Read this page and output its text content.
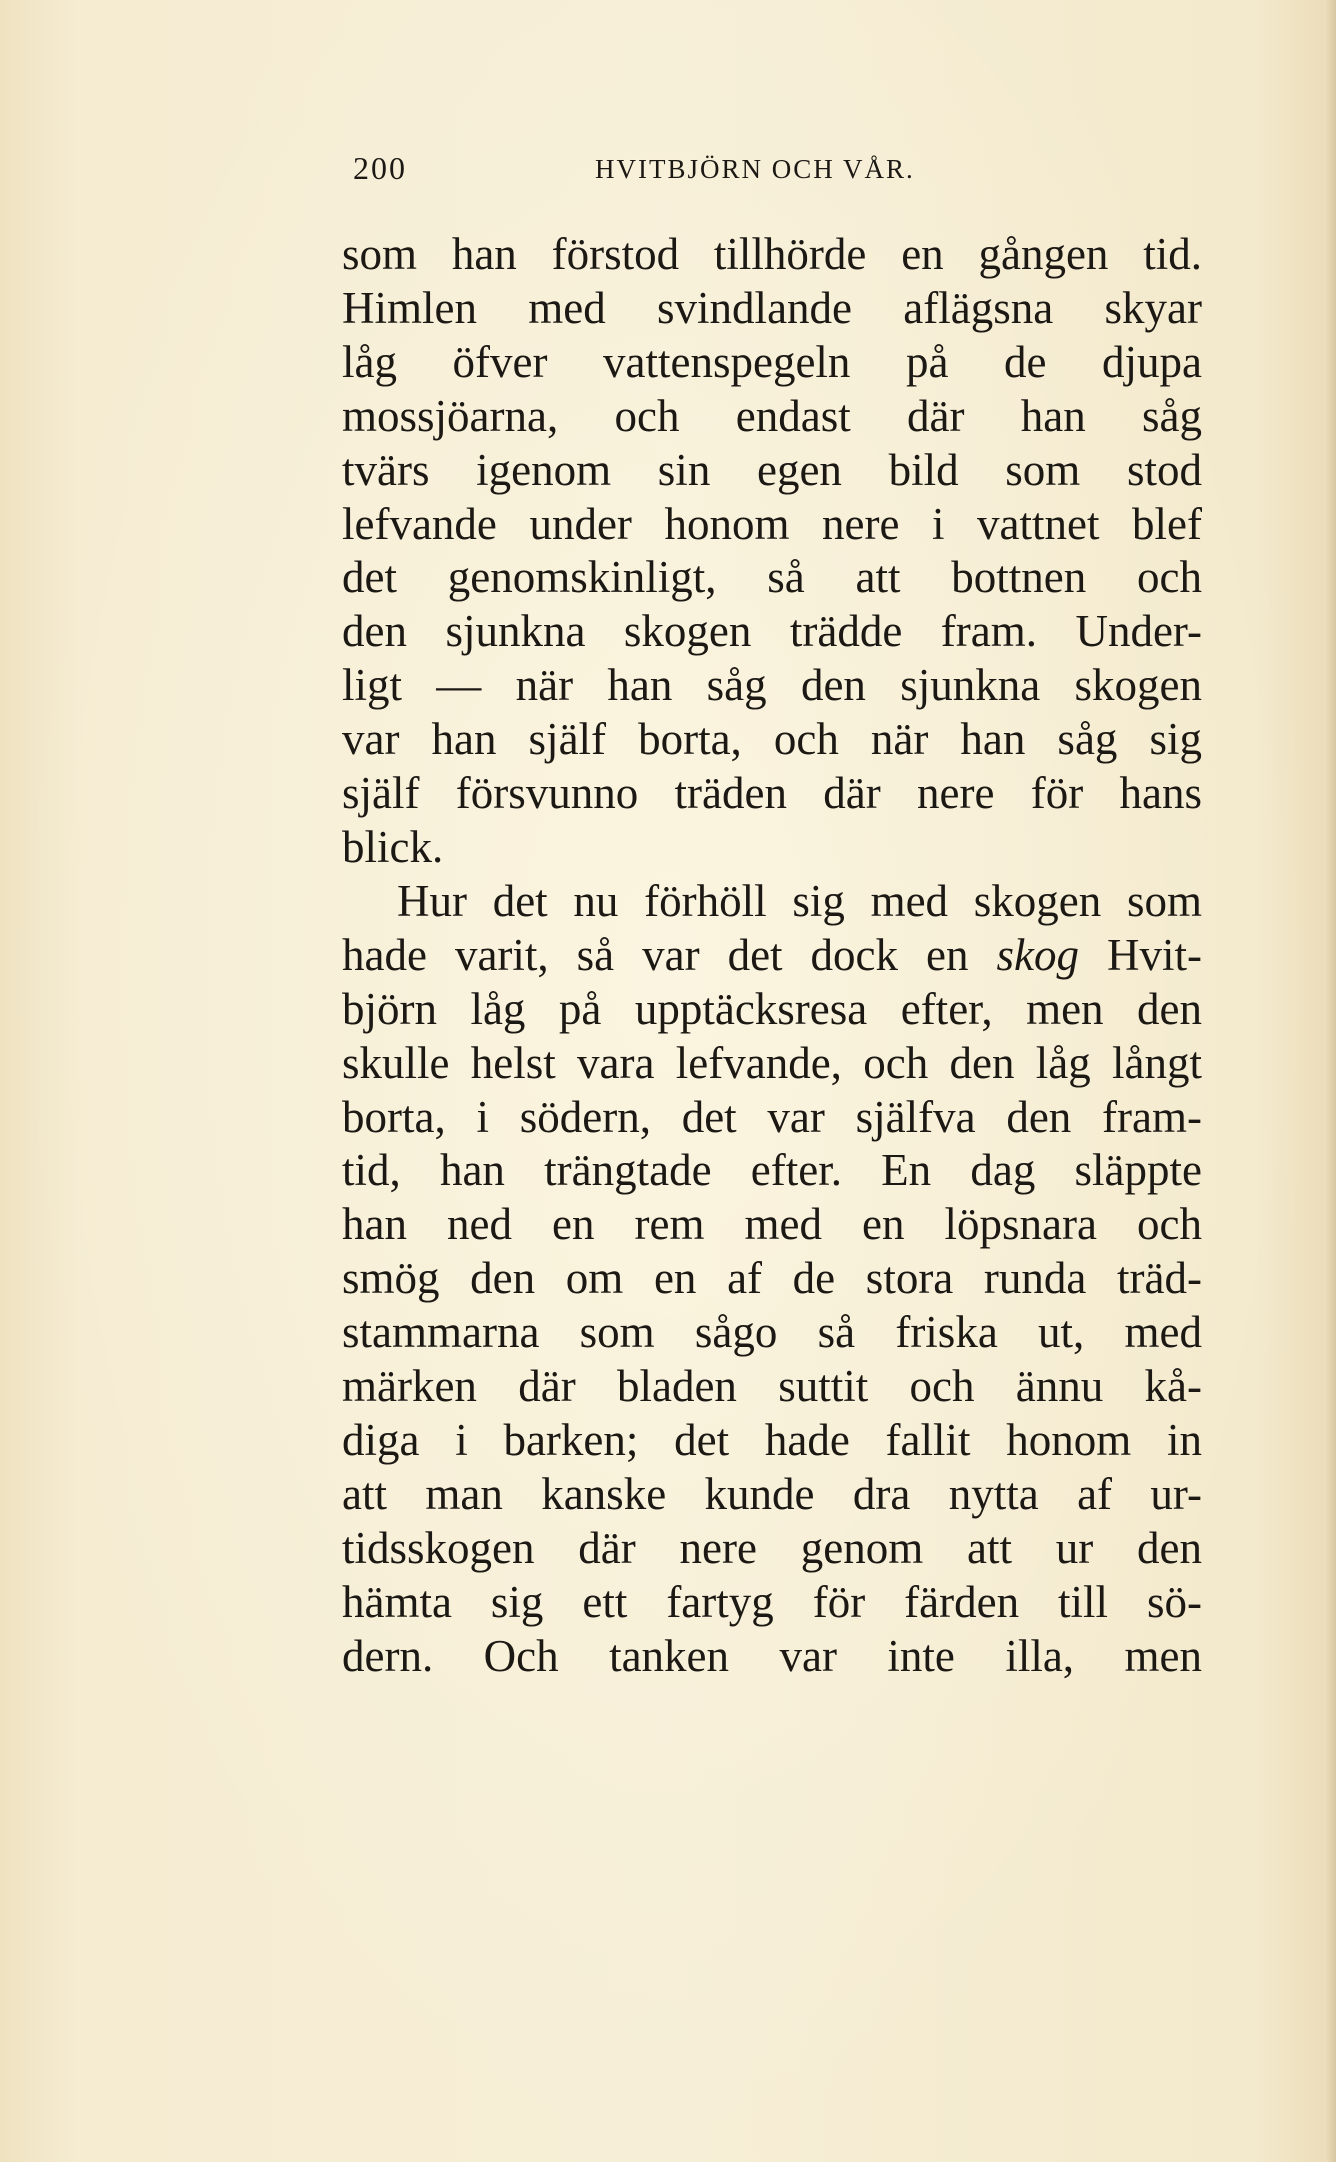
200	HVITBJÖRN OCH VÅR.
som han förstod tillhörde en gången tid.
Himlen med svindlande aflägsna skyar
låg öfver vattenspegeln på de djupa
mossjöarna, och endast där han såg
tvärs igenom sin egen bild som stod
lefvande under honom nere i vattnet blef
det genomskinligt, så att bottnen och
den sjunkna skogen trädde fram. Under-
ligt — när han såg den sjunkna skogen
var han själf borta, och när han såg sig
själf försvunno träden där nere för hans
blick.
Hur det nu förhöll sig med skogen som
hade varit, så var det dock en skog Hvit-
björn låg på upptäcksresa efter, men den
skulle helst vara lefvande, och den låg långt
borta, i södern, det var själfva den fram-
tid, han trängtade efter. En dag släppte
han ned en rem med en löpsnara och
smög den om en af de stora runda träd-
stammarna som sågo så friska ut, med
märken där bladen suttit och ännu kå-
diga i barken; det hade fallit honom in
att man kanske kunde dra nytta af ur-
tidsskogen där nere genom att ur den
hämta sig ett fartyg för färden till sö-
dern. Och tanken var inte illa, men
